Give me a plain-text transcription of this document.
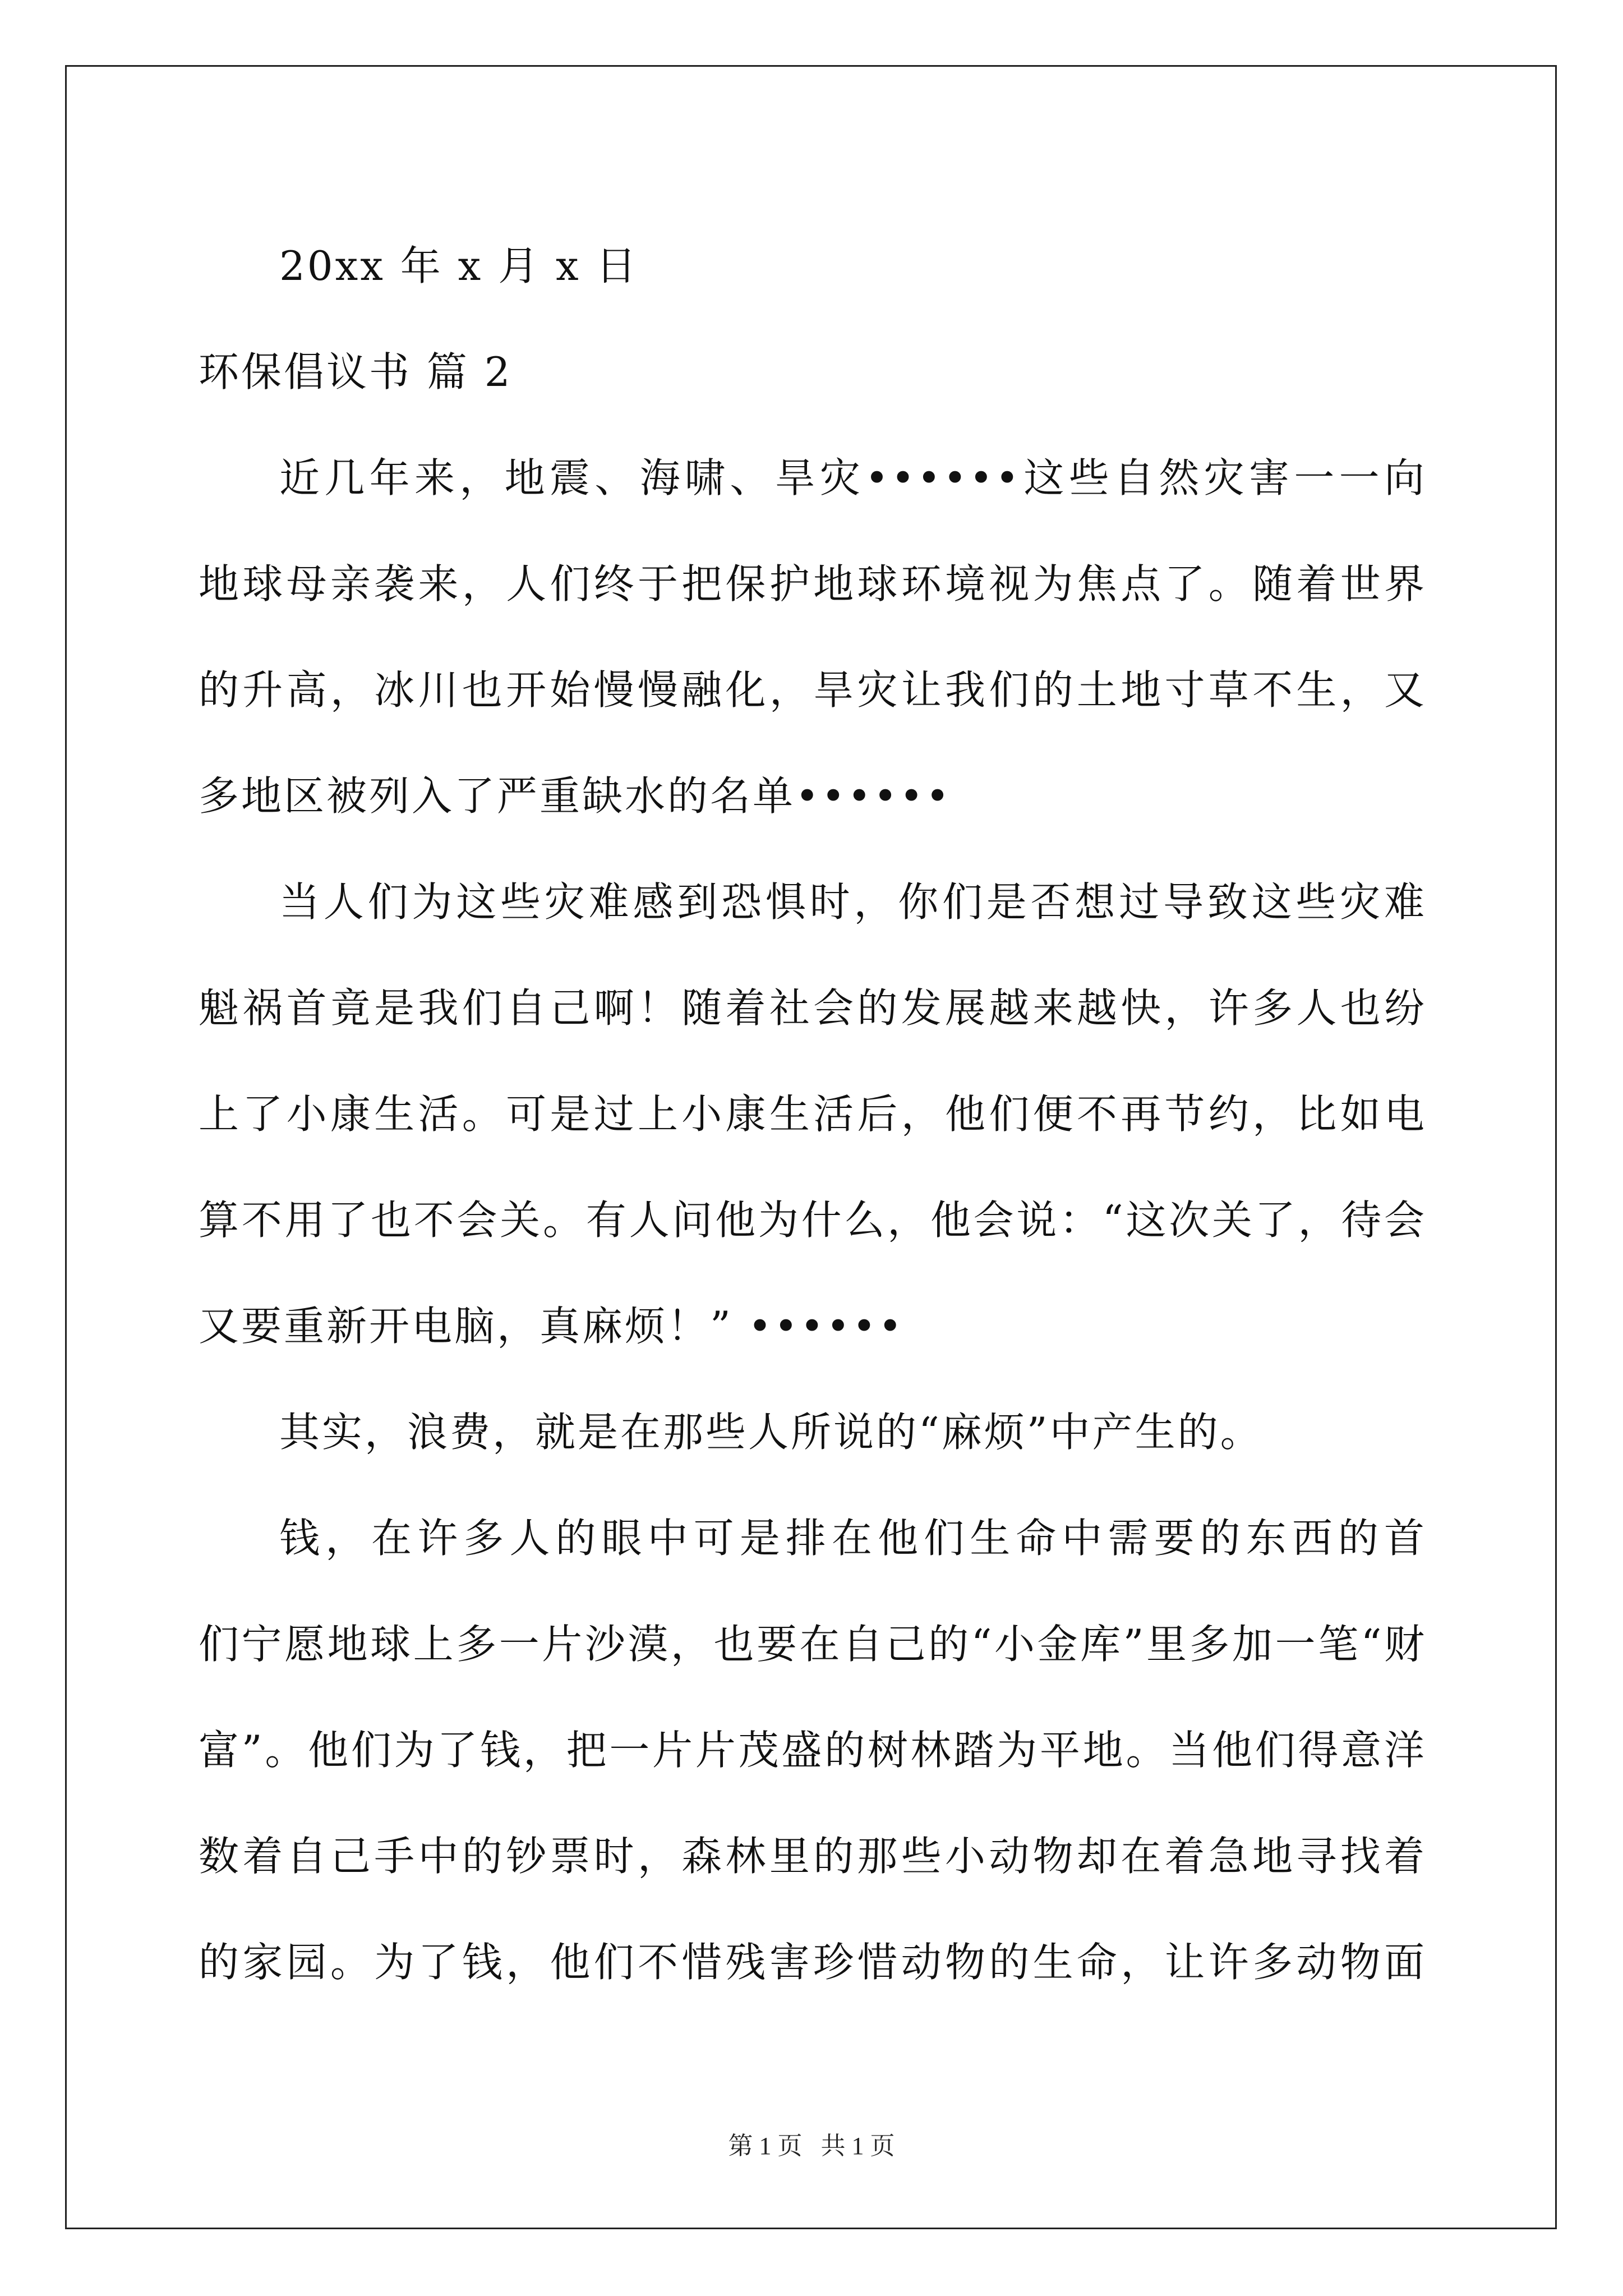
20xx 年 x 月 x 日
环保倡议书 篇 2
近几年来，地震、海啸、旱灾••••••这些自然灾害一一向
地球母亲袭来，人们终于把保护地球环境视为焦点了。随着世界
的升高，冰川也开始慢慢融化，旱灾让我们的土地寸草不生，又
多地区被列入了严重缺水的名单••••••
当人们为这些灾难感到恐惧时，你们是否想过导致这些灾难
魁祸首竟是我们自己啊！随着社会的发展越来越快，许多人也纷
上了小康生活。可是过上小康生活后，他们便不再节约，比如电
算不用了也不会关。有人问他为什么，他会说：“这次关了，待会
又要重新开电脑，真麻烦！” ••••••
其实，浪费，就是在那些人所说的“麻烦”中产生的。
钱，在许多人的眼中可是排在他们生命中需要的东西的首
们宁愿地球上多一片沙漠，也要在自己的“小金库”里多加一笔“财
富”。他们为了钱，把一片片茂盛的树林踏为平地。当他们得意洋
数着自己手中的钞票时，森林里的那些小动物却在着急地寻找着
的家园。为了钱，他们不惜残害珍惜动物的生命，让许多动物面
第 1 页 共 1 页
